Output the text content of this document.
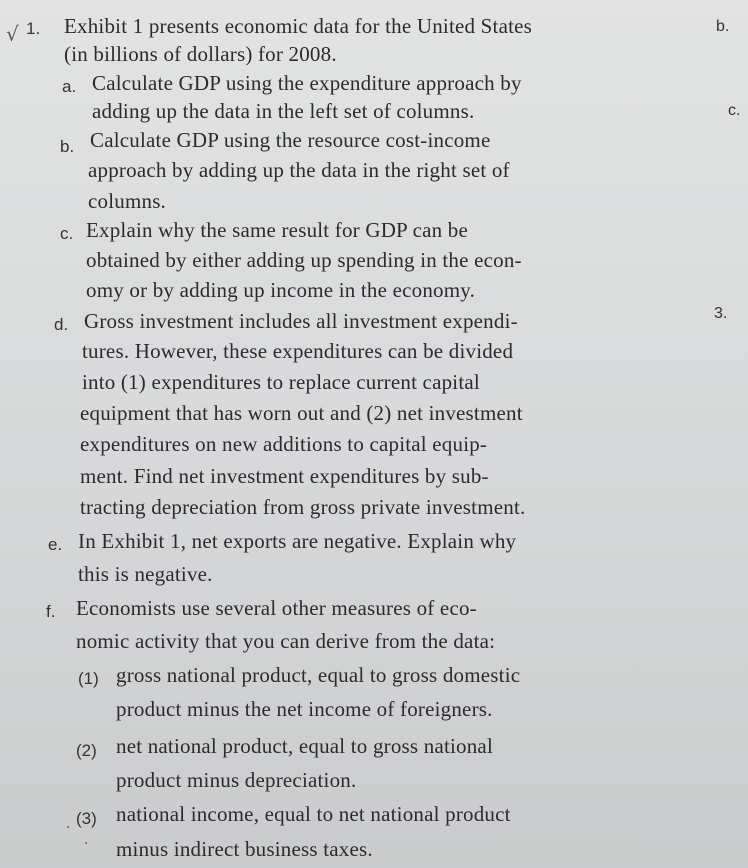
√ 1. Exhibit 1 presents economic data for the United States
(in billions of dollars) for 2008.
a. Calculate GDP using the expenditure approach by
adding up the data in the left set of columns.
b. Calculate GDP using the resource cost-income
approach by adding up the data in the right set of
columns.
c. Explain why the same result for GDP can be
obtained by either adding up spending in the econ-
omy or by adding up income in the economy.
d. Gross investment includes all investment expendi-
tures. However, these expenditures can be divided
into (1) expenditures to replace current capital
equipment that has worn out and (2) net investment
expenditures on new additions to capital equip-
ment. Find net investment expenditures by sub-
tracting depreciation from gross private investment.
e. In Exhibit 1, net exports are negative. Explain why
this is negative.
f. Economists use several other measures of eco-
nomic activity that you can derive from the data:
(1) gross national product, equal to gross domestic
product minus the net income of foreigners.
(2) net national product, equal to gross national
product minus depreciation.
. (3) national income, equal to net national product
· minus indirect business taxes.
b.
c.
3.
